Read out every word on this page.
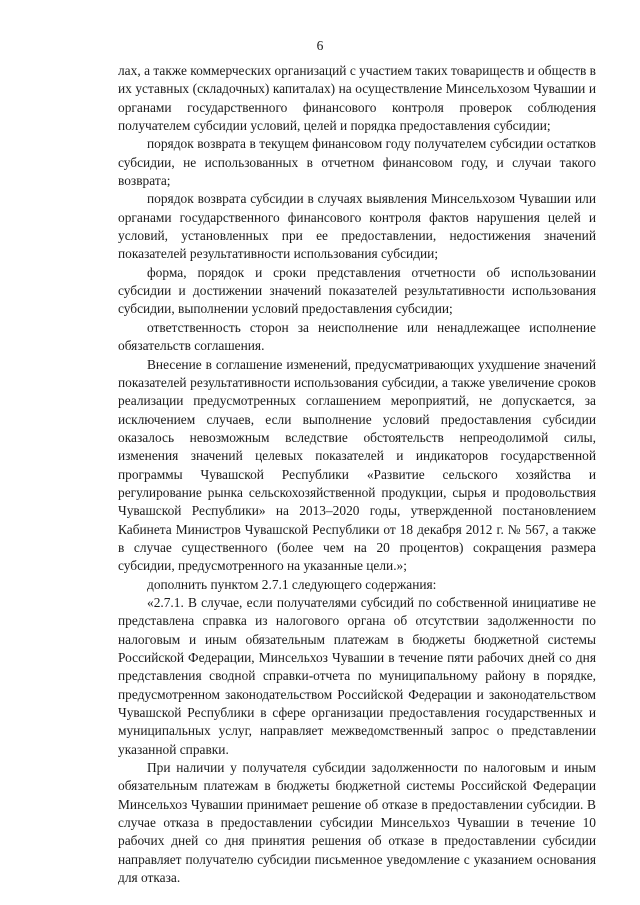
6

лах, а также коммерческих организаций с участием таких товариществ и обществ в их уставных (складочных) капиталах) на осуществление Минсельхозом Чувашии и органами государственного финансового контроля проверок соблюдения получателем субсидии условий, целей и порядка предоставления субсидии;

порядок возврата в текущем финансовом году получателем субсидии остатков субсидии, не использованных в отчетном финансовом году, и случаи такого возврата;

порядок возврата субсидии в случаях выявления Минсельхозом Чувашии или органами государственного финансового контроля фактов нарушения целей и условий, установленных при ее предоставлении, недостижения значений показателей результативности использования субсидии;

форма, порядок и сроки представления отчетности об использовании субсидии и достижении значений показателей результативности использования субсидии, выполнении условий предоставления субсидии;

ответственность сторон за неисполнение или ненадлежащее исполнение обязательств соглашения.

Внесение в соглашение изменений, предусматривающих ухудшение значений показателей результативности использования субсидии, а также увеличение сроков реализации предусмотренных соглашением мероприятий, не допускается, за исключением случаев, если выполнение условий предоставления субсидии оказалось невозможным вследствие обстоятельств непреодолимой силы, изменения значений целевых показателей и индикаторов государственной программы Чувашской Республики «Развитие сельского хозяйства и регулирование рынка сельскохозяйственной продукции, сырья и продовольствия Чувашской Республики» на 2013–2020 годы, утвержденной постановлением Кабинета Министров Чувашской Республики от 18 декабря 2012 г. № 567, а также в случае существенного (более чем на 20 процентов) сокращения размера субсидии, предусмотренного на указанные цели.»;

дополнить пунктом 2.7.1 следующего содержания:

«2.7.1. В случае, если получателями субсидий по собственной инициативе не представлена справка из налогового органа об отсутствии задолженности по налоговым и иным обязательным платежам в бюджеты бюджетной системы Российской Федерации, Минсельхоз Чувашии в течение пяти рабочих дней со дня представления сводной справки-отчета по муниципальному району в порядке, предусмотренном законодательством Российской Федерации и законодательством Чувашской Республики в сфере организации предоставления государственных и муниципальных услуг, направляет межведомственный запрос о представлении указанной справки.

При наличии у получателя субсидии задолженности по налоговым и иным обязательным платежам в бюджеты бюджетной системы Российской Федерации Минсельхоз Чувашии принимает решение об отказе в предоставлении субсидии. В случае отказа в предоставлении субсидии Минсельхоз Чувашии в течение 10 рабочих дней со дня принятия решения об отказе в предоставлении субсидии направляет получателю субсидии письменное уведомление с указанием основания для отказа.
